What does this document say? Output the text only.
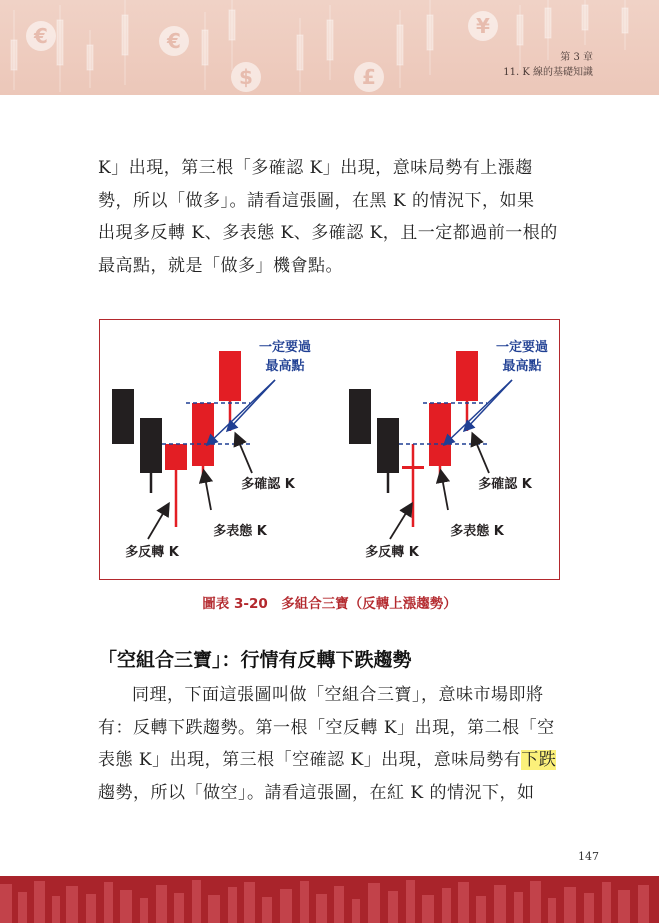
€	€
$	£
¥
第 3 章
11. K 線的基礎知識
K」出現，第三根「多確認 K」出現，意味局勢有上漲趨
勢，所以「做多」。請看這張圖，在黑 K 的情況下，如果
出現多反轉 K、多表態 K、多確認 K，且一定都過前一根的
最高點，就是「做多」機會點。
一定要過
最高點
多確認 K
多表態 K
多反轉 K
一定要過
最高點
多確認 K
多表態 K
多反轉 K
圖表 3-20　多組合三寶（反轉上漲趨勢）
「空組合三寶」：行情有反轉下跌趨勢
同理，下面這張圖叫做「空組合三寶」，意味市場即將
有：反轉下跌趨勢。第一根「空反轉 K」出現，第二根「空
表態 K」出現，第三根「空確認 K」出現，意味局勢有下跌
趨勢，所以「做空」。請看這張圖，在紅 K 的情況下，如
147
